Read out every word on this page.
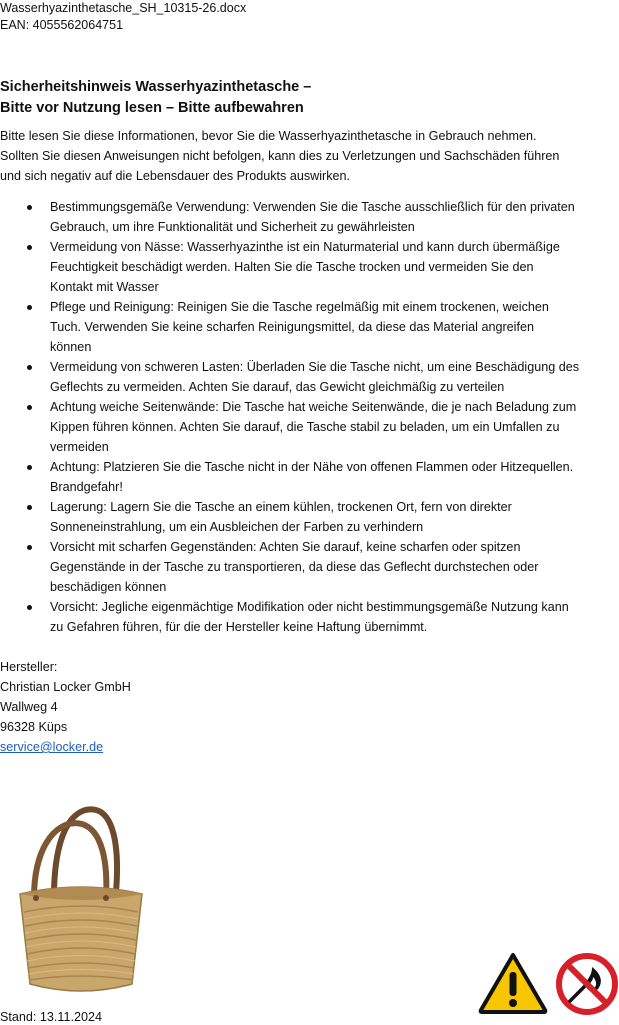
Wasserhyazinthetasche_SH_10315-26.docx
EAN: 4055562064751
Sicherheitshinweis Wasserhyazinthetasche –
Bitte vor Nutzung lesen – Bitte aufbewahren
Bitte lesen Sie diese Informationen, bevor Sie die Wasserhyazinthetasche in Gebrauch nehmen.
Sollten Sie diesen Anweisungen nicht befolgen, kann dies zu Verletzungen und Sachschäden führen
und sich negativ auf die Lebensdauer des Produkts auswirken.
Bestimmungsgemäße Verwendung: Verwenden Sie die Tasche ausschließlich für den privaten
Gebrauch, um ihre Funktionalität und Sicherheit zu gewährleisten
Vermeidung von Nässe: Wasserhyazinthe ist ein Naturmaterial und kann durch übermäßige
Feuchtigkeit beschädigt werden. Halten Sie die Tasche trocken und vermeiden Sie den
Kontakt mit Wasser
Pflege und Reinigung: Reinigen Sie die Tasche regelmäßig mit einem trockenen, weichen
Tuch. Verwenden Sie keine scharfen Reinigungsmittel, da diese das Material angreifen
können
Vermeidung von schweren Lasten: Überladen Sie die Tasche nicht, um eine Beschädigung des
Geflechts zu vermeiden. Achten Sie darauf, das Gewicht gleichmäßig zu verteilen
Achtung weiche Seitenwände: Die Tasche hat weiche Seitenwände, die je nach Beladung zum
Kippen führen können. Achten Sie darauf, die Tasche stabil zu beladen, um ein Umfallen zu
vermeiden
Achtung: Platzieren Sie die Tasche nicht in der Nähe von offenen Flammen oder Hitzequellen.
Brandgefahr!
Lagerung: Lagern Sie die Tasche an einem kühlen, trockenen Ort, fern von direkter
Sonneneinstrahlung, um ein Ausbleichen der Farben zu verhindern
Vorsicht mit scharfen Gegenständen: Achten Sie darauf, keine scharfen oder spitzen
Gegenstände in der Tasche zu transportieren, da diese das Geflecht durchstechen oder
beschädigen können
Vorsicht: Jegliche eigenmächtige Modifikation oder nicht bestimmungsgemäße Nutzung kann
zu Gefahren führen, für die der Hersteller keine Haftung übernimmt.
Hersteller:
Christian Locker GmbH
Wallweg 4
96328 Küps
service@locker.de
Stand: 13.11.2024
